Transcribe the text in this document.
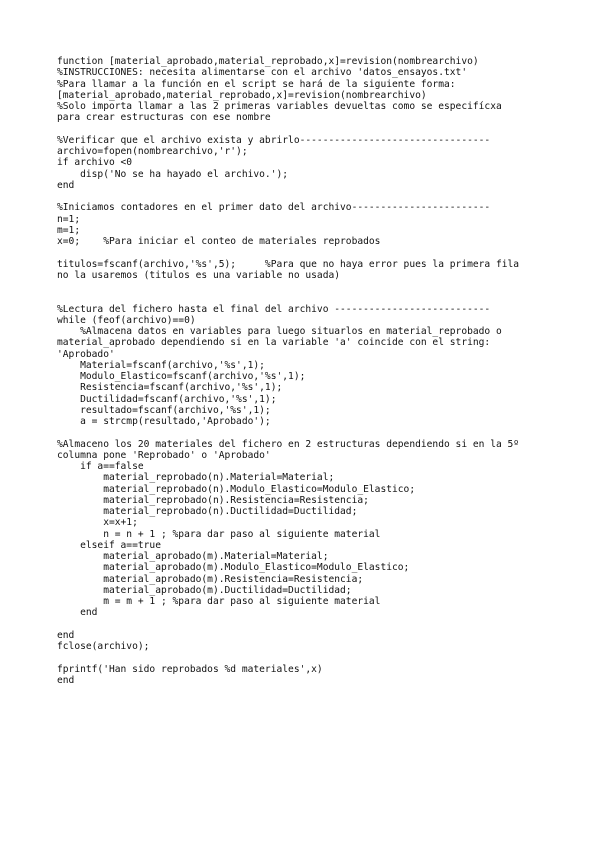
function [material_aprobado,material_reprobado,x]=revision(nombrearchivo)
%INSTRUCCIONES: necesita alimentarse con el archivo 'datos_ensayos.txt'
%Para llamar a la función en el script se hará de la siguiente forma:
[material_aprobado,material_reprobado,x]=revision(nombrearchivo)
%Solo importa llamar a las 2 primeras variables devueltas como se especifícxa
para crear estructuras con ese nombre
%Verificar que el archivo exista y abrirlo---------------------------------
archivo=fopen(nombrearchivo,'r');
if archivo <0
disp('No se ha hayado el archivo.');
end
%Iniciamos contadores en el primer dato del archivo------------------------
n=1;
m=1;
x=0;    %Para iniciar el conteo de materiales reprobados
titulos=fscanf(archivo,'%s',5);     %Para que no haya error pues la primera fila
no la usaremos (titulos es una variable no usada)
%Lectura del fichero hasta el final del archivo ---------------------------
while (feof(archivo)==0)
%Almacena datos en variables para luego situarlos en material_reprobado o
material_aprobado dependiendo si en la variable 'a' coincide con el string:
'Aprobado'
Material=fscanf(archivo,'%s',1);
Modulo_Elastico=fscanf(archivo,'%s',1);
Resistencia=fscanf(archivo,'%s',1);
Ductilidad=fscanf(archivo,'%s',1);
resultado=fscanf(archivo,'%s',1);
a = strcmp(resultado,'Aprobado');
%Almaceno los 20 materiales del fichero en 2 estructuras dependiendo si en la 5º
columna pone 'Reprobado' o 'Aprobado'
if a==false
material_reprobado(n).Material=Material;
material_reprobado(n).Modulo_Elastico=Modulo_Elastico;
material_reprobado(n).Resistencia=Resistencia;
material_reprobado(n).Ductilidad=Ductilidad;
x=x+1;
n = n + 1 ; %para dar paso al siguiente material
elseif a==true
material_aprobado(m).Material=Material;
material_aprobado(m).Modulo_Elastico=Modulo_Elastico;
material_aprobado(m).Resistencia=Resistencia;
material_aprobado(m).Ductilidad=Ductilidad;
m = m + 1 ; %para dar paso al siguiente material
end
end
fclose(archivo);
fprintf('Han sido reprobados %d materiales',x)
end
